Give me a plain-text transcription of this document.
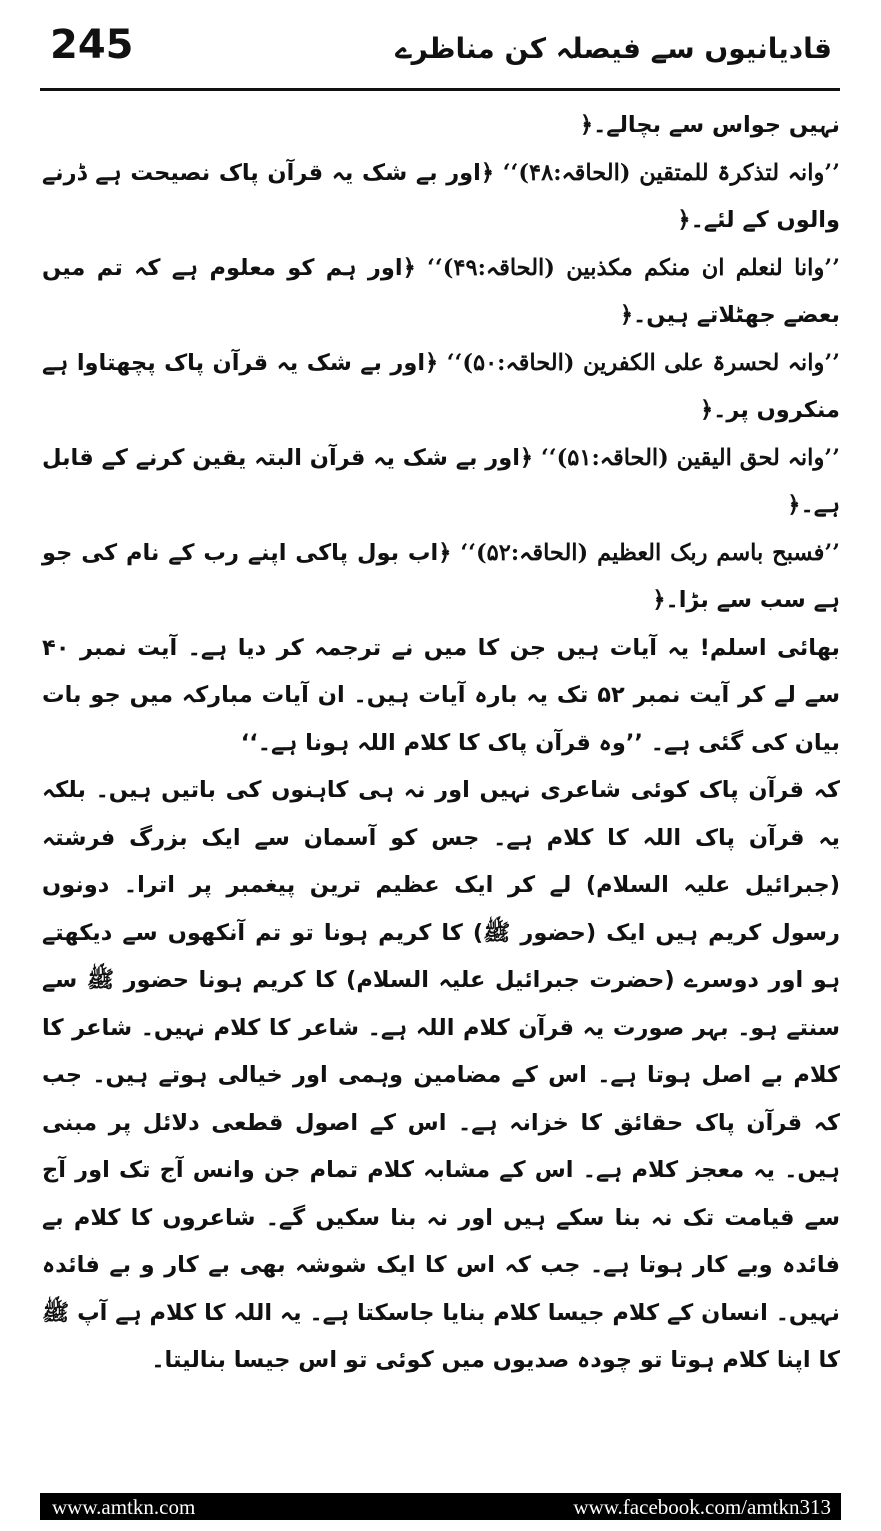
245	قادیانیوں سے فیصلہ کن مناظرے

نہیں جواس سے بچالے۔﴿

’’وانہ لتذکرۃ للمتقین (الحاقہ:۴۸)‘‘ ﴿اور بے شک یہ قرآن پاک نصیحت ہے ڈرنے والوں کے لئے۔﴿

’’وانا لنعلم ان منکم مکذبین (الحاقہ:۴۹)‘‘ ﴿اور ہم کو معلوم ہے کہ تم میں بعضے جھٹلاتے ہیں۔﴿

’’وانہ لحسرۃ علی الکفرین (الحاقہ:۵۰)‘‘ ﴿اور بے شک یہ قرآن پاک پچھتاوا ہے منکروں پر۔﴿

’’وانہ لحق الیقین (الحاقہ:۵۱)‘‘ ﴿اور بے شک یہ قرآن البتہ یقین کرنے کے قابل ہے۔﴿

’’فسبح باسم ربک العظیم (الحاقہ:۵۲)‘‘ ﴿اب بول پاکی اپنے رب کے نام کی جو ہے سب سے بڑا۔﴿

بھائی اسلم! یہ آیات ہیں جن کا میں نے ترجمہ کر دیا ہے۔ آیت نمبر ۴۰ سے لے کر آیت نمبر ۵۲ تک یہ بارہ آیات ہیں۔ ان آیات مبارکہ میں جو بات بیان کی گئی ہے۔ ’’وہ قرآن پاک کا کلام اللہ ہونا ہے۔‘‘

کہ قرآن پاک کوئی شاعری نہیں اور نہ ہی کاہنوں کی باتیں ہیں۔ بلکہ یہ قرآن پاک اللہ کا کلام ہے۔ جس کو آسمان سے ایک بزرگ فرشتہ (جبرائیل علیہ السلام) لے کر ایک عظیم ترین پیغمبر پر اترا۔ دونوں رسول کریم ہیں ایک (حضور ﷺ) کا کریم ہونا تو تم آنکھوں سے دیکھتے ہو اور دوسرے (حضرت جبرائیل علیہ السلام) کا کریم ہونا حضور ﷺ سے سنتے ہو۔ بہر صورت یہ قرآن کلام اللہ ہے۔ شاعر کا کلام نہیں۔ شاعر کا کلام بے اصل ہوتا ہے۔ اس کے مضامین وہمی اور خیالی ہوتے ہیں۔ جب کہ قرآن پاک حقائق کا خزانہ ہے۔ اس کے اصول قطعی دلائل پر مبنی ہیں۔ یہ معجز کلام ہے۔ اس کے مشابہ کلام تمام جن وانس آج تک اور آج سے قیامت تک نہ بنا سکے ہیں اور نہ بنا سکیں گے۔ شاعروں کا کلام بے فائدہ وبے کار ہوتا ہے۔ جب کہ اس کا ایک شوشہ بھی بے کار و بے فائدہ نہیں۔ انسان کے کلام جیسا کلام بنایا جاسکتا ہے۔ یہ اللہ کا کلام ہے آپ ﷺ کا اپنا کلام ہوتا تو چودہ صدیوں میں کوئی تو اس جیسا بنالیتا۔

www.amtkn.com	www.facebook.com/amtkn313
